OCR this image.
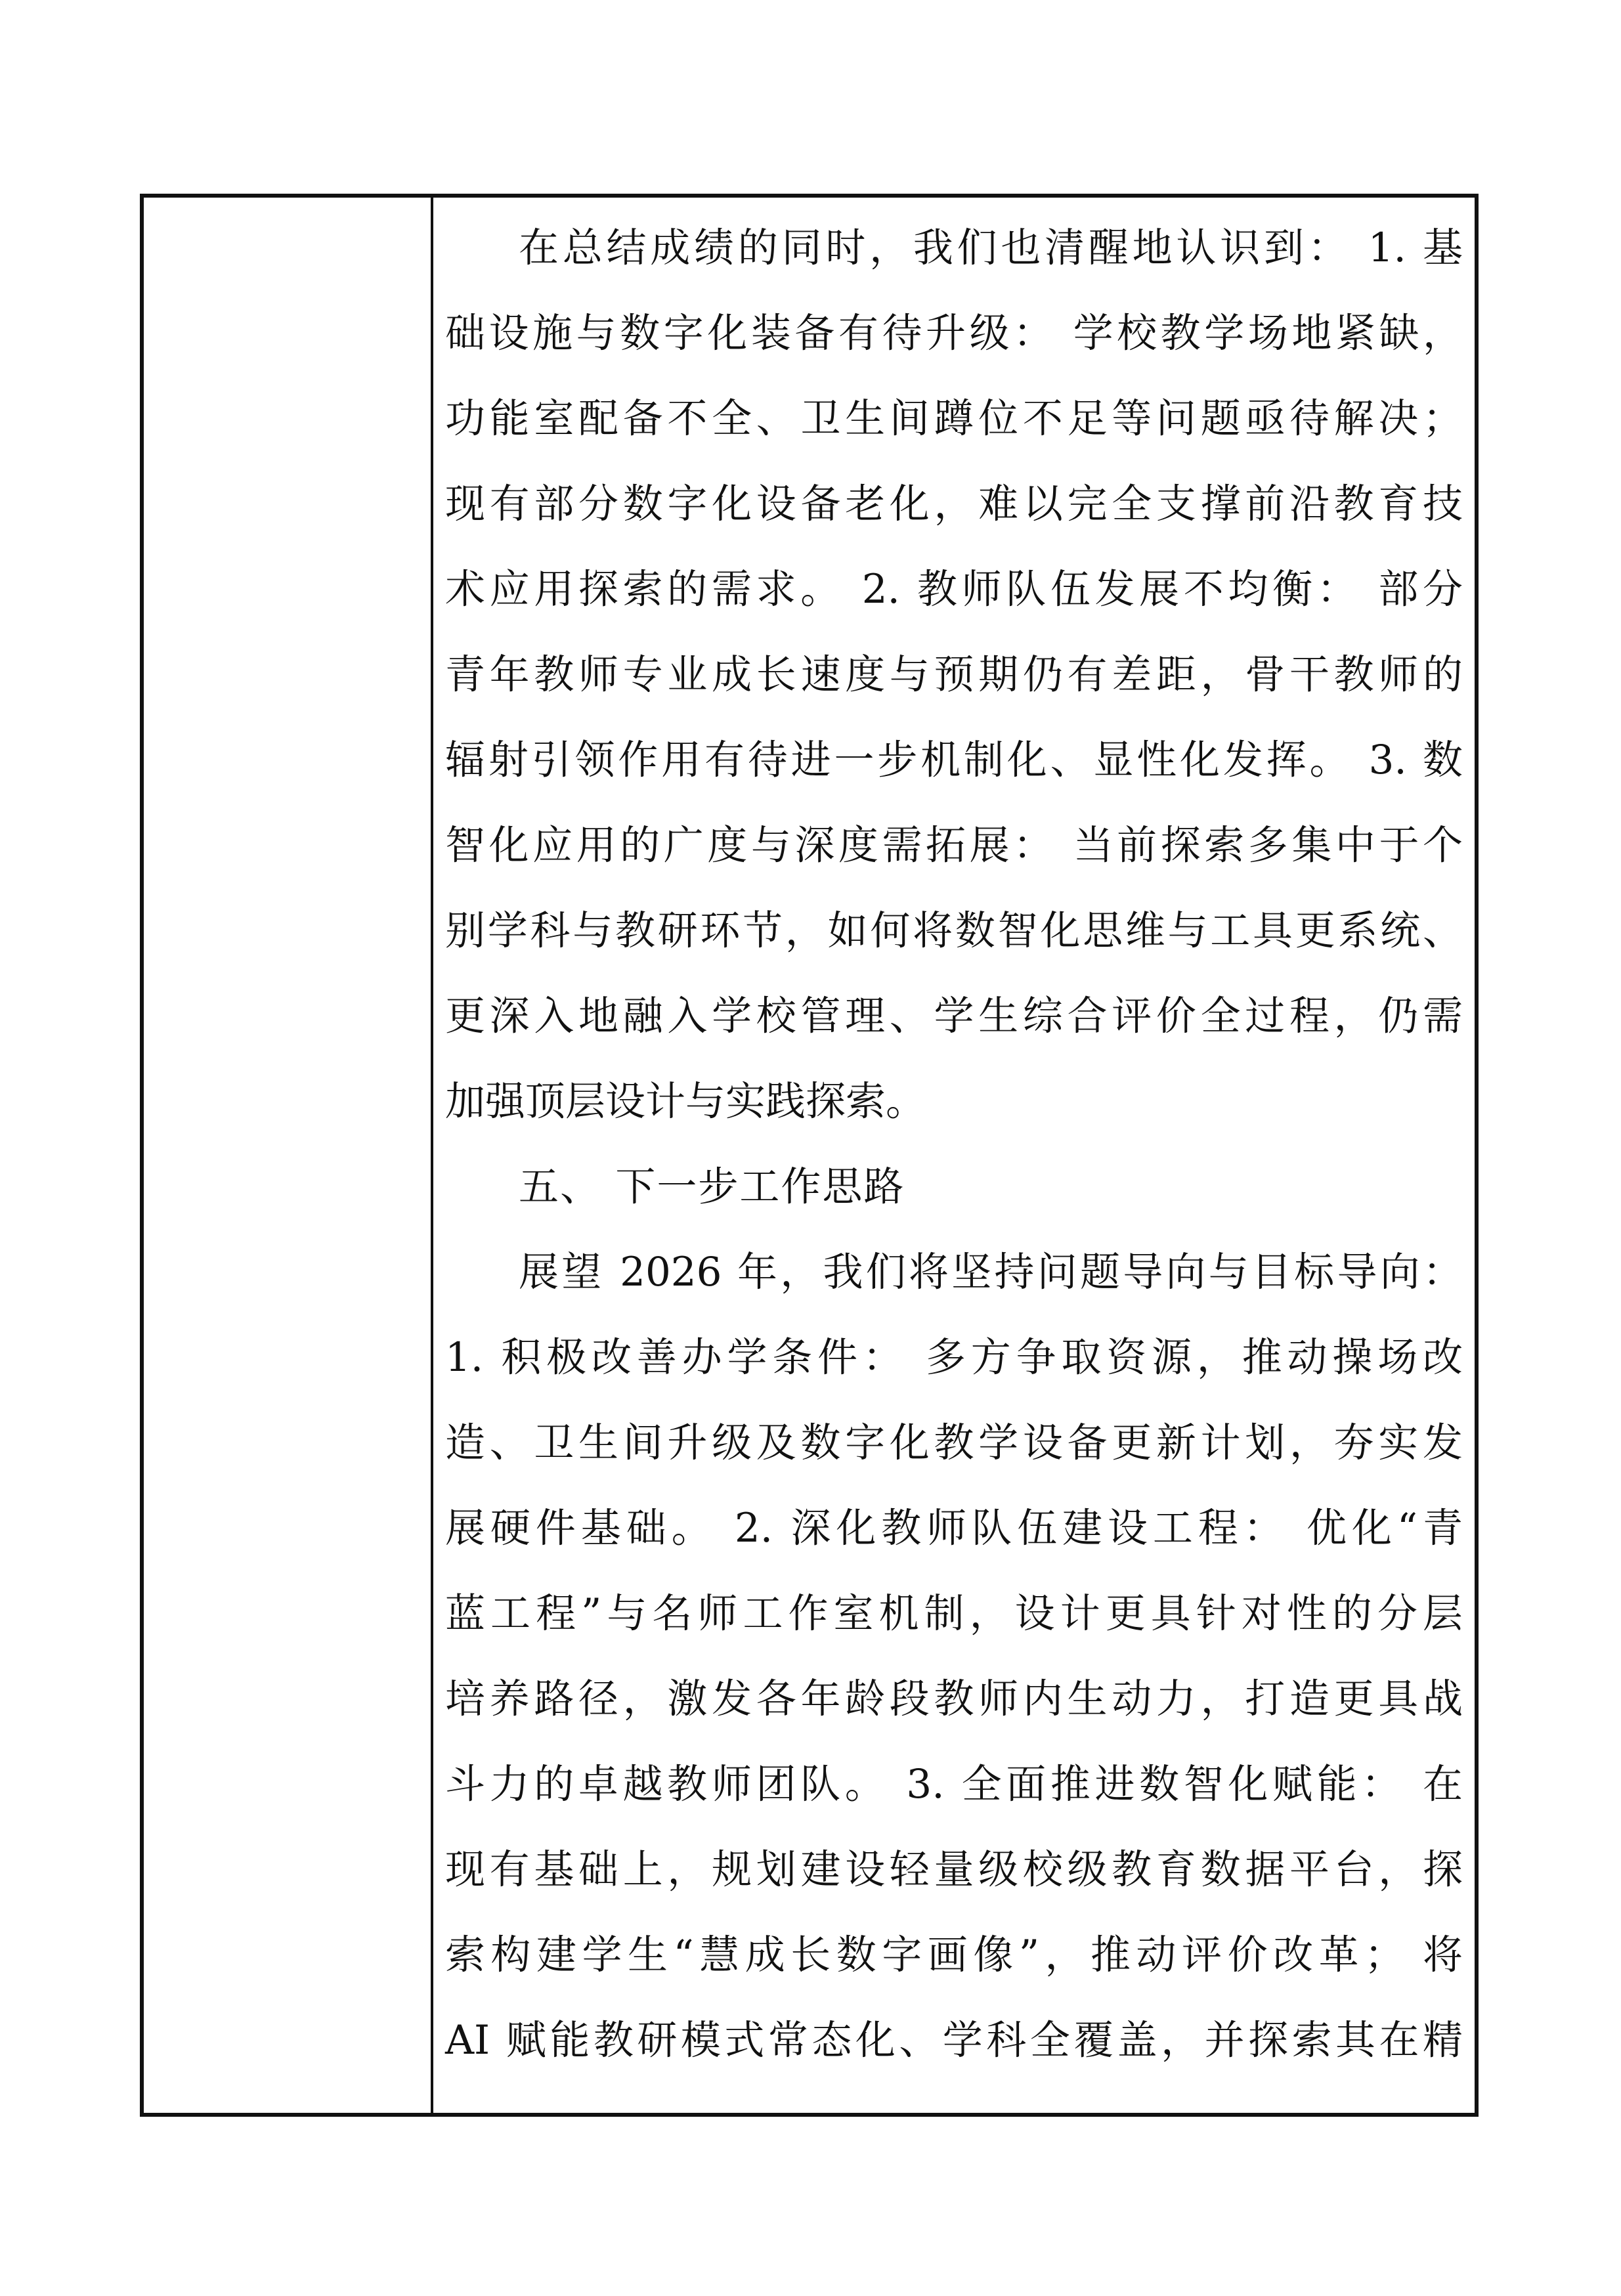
在总结成绩的同时，我们也清醒地认识到： 1. 基
础设施与数字化装备有待升级： 学校教学场地紧缺，
功能室配备不全、卫生间蹲位不足等问题亟待解决；
现有部分数字化设备老化，难以完全支撑前沿教育技
术应用探索的需求。 2. 教师队伍发展不均衡： 部分
青年教师专业成长速度与预期仍有差距，骨干教师的
辐射引领作用有待进一步机制化、显性化发挥。 3. 数
智化应用的广度与深度需拓展： 当前探索多集中于个
别学科与教研环节，如何将数智化思维与工具更系统、
更深入地融入学校管理、学生综合评价全过程，仍需
加强顶层设计与实践探索。
五、 下一步工作思路
展望 2026 年，我们将坚持问题导向与目标导向：
1. 积极改善办学条件： 多方争取资源，推动操场改
造、卫生间升级及数字化教学设备更新计划，夯实发
展硬件基础。 2. 深化教师队伍建设工程： 优化“青
蓝工程”与名师工作室机制，设计更具针对性的分层
培养路径，激发各年龄段教师内生动力，打造更具战
斗力的卓越教师团队。 3. 全面推进数智化赋能： 在
现有基础上，规划建设轻量级校级教育数据平台，探
索构建学生“慧成长数字画像”，推动评价改革； 将
AI 赋能教研模式常态化、学科全覆盖，并探索其在精
